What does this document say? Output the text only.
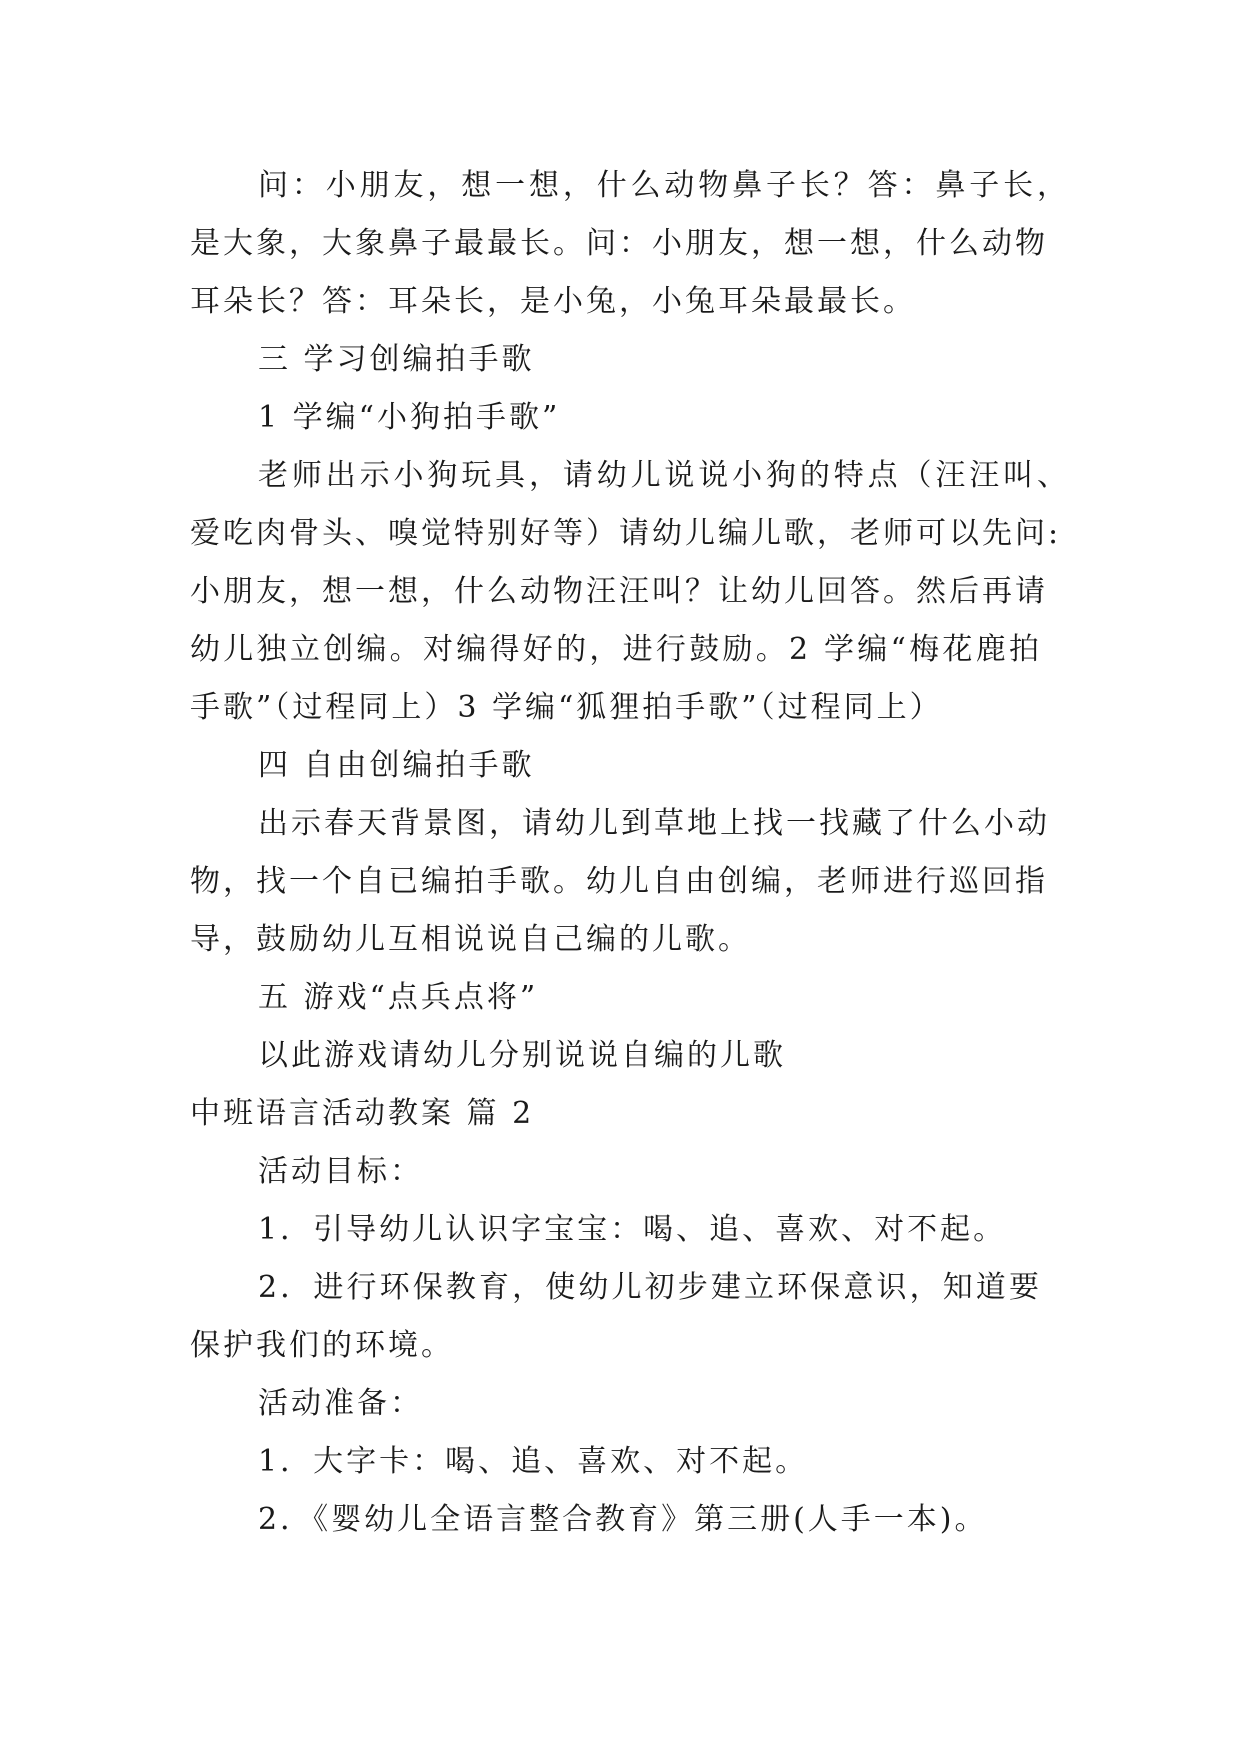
问：小朋友，想一想，什么动物鼻子长？答：鼻子长，
是大象，大象鼻子最最长。问：小朋友，想一想，什么动物
耳朵长？答：耳朵长，是小兔，小兔耳朵最最长。
三 学习创编拍手歌
1 学编“小狗拍手歌”
老师出示小狗玩具，请幼儿说说小狗的特点（汪汪叫、
爱吃肉骨头、嗅觉特别好等）请幼儿编儿歌，老师可以先问:
小朋友，想一想，什么动物汪汪叫？让幼儿回答。然后再请
幼儿独立创编。对编得好的，进行鼓励。2 学编“梅花鹿拍
手歌”（过程同上）3 学编“狐狸拍手歌”（过程同上）
四 自由创编拍手歌
出示春天背景图，请幼儿到草地上找一找藏了什么小动
物，找一个自已编拍手歌。幼儿自由创编，老师进行巡回指
导，鼓励幼儿互相说说自己编的儿歌。
五 游戏“点兵点将”
以此游戏请幼儿分别说说自编的儿歌
中班语言活动教案 篇 2
活动目标：
1．引导幼儿认识字宝宝：喝、追、喜欢、对不起。
2．进行环保教育，使幼儿初步建立环保意识，知道要
保护我们的环境。
活动准备：
1．大字卡：喝、追、喜欢、对不起。
2．《婴幼儿全语言整合教育》第三册(人手一本)。
